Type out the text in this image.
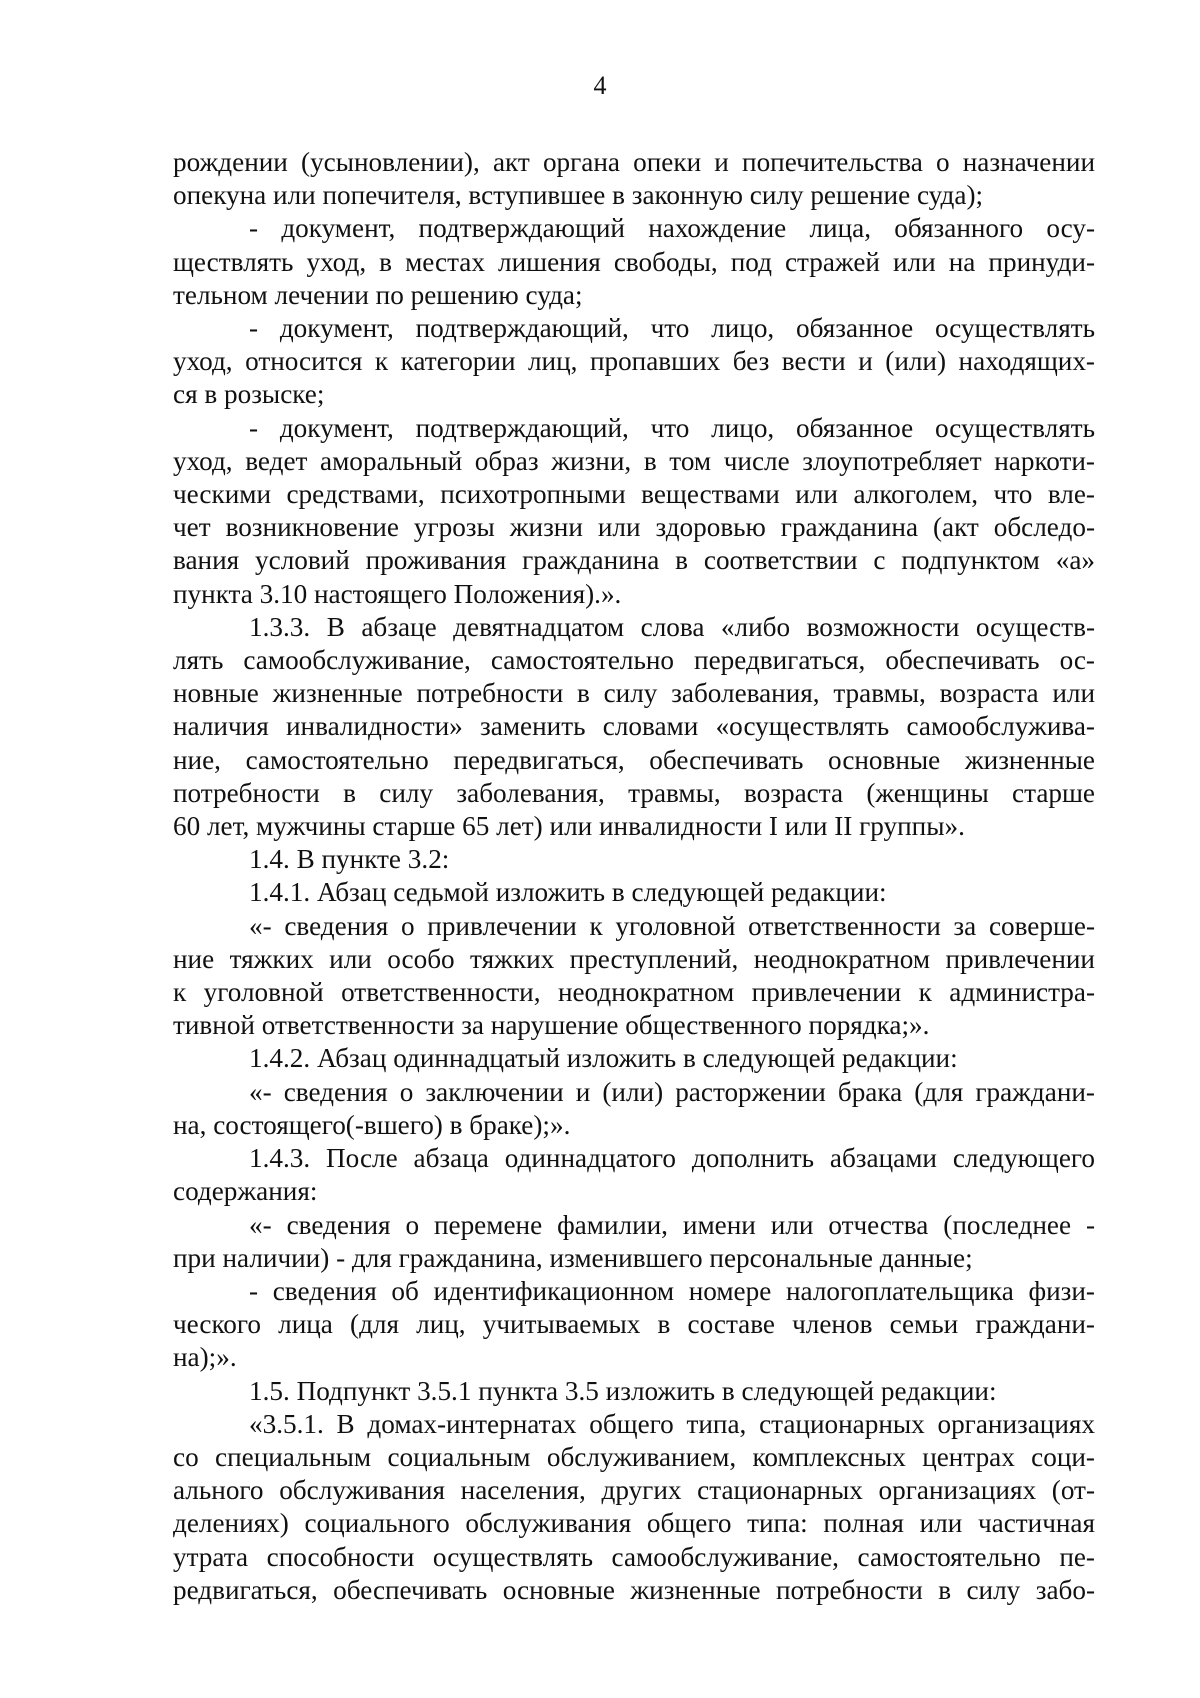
4
рождении (усыновлении), акт органа опеки и попечительства о назначении
опекуна или попечителя, вступившее в законную силу решение суда);
- документ, подтверждающий нахождение лица, обязанного осу-
ществлять уход, в местах лишения свободы, под стражей или на принуди-
тельном лечении по решению суда;
- документ, подтверждающий, что лицо, обязанное осуществлять
уход, относится к категории лиц, пропавших без вести и (или) находящих-
ся в розыске;
- документ, подтверждающий, что лицо, обязанное осуществлять
уход, ведет аморальный образ жизни, в том числе злоупотребляет наркоти-
ческими средствами, психотропными веществами или алкоголем, что вле-
чет возникновение угрозы жизни или здоровью гражданина (акт обследо-
вания условий проживания гражданина в соответствии с подпунктом «а»
пункта 3.10 настоящего Положения).».
1.3.3. В абзаце девятнадцатом слова «либо возможности осуществ-
лять самообслуживание, самостоятельно передвигаться, обеспечивать ос-
новные жизненные потребности в силу заболевания, травмы, возраста или
наличия инвалидности» заменить словами «осуществлять самообслужива-
ние, самостоятельно передвигаться, обеспечивать основные жизненные
потребности в силу заболевания, травмы, возраста (женщины старше
60 лет, мужчины старше 65 лет) или инвалидности I или II группы».
1.4. В пункте 3.2:
1.4.1. Абзац седьмой изложить в следующей редакции:
«- сведения о привлечении к уголовной ответственности за соверше-
ние тяжких или особо тяжких преступлений, неоднократном привлечении
к уголовной ответственности, неоднократном привлечении к администра-
тивной ответственности за нарушение общественного порядка;».
1.4.2. Абзац одиннадцатый изложить в следующей редакции:
«- сведения о заключении и (или) расторжении брака (для граждани-
на, состоящего(-вшего) в браке);».
1.4.3. После абзаца одиннадцатого дополнить абзацами следующего
содержания:
«- сведения о перемене фамилии, имени или отчества (последнее -
при наличии) - для гражданина, изменившего персональные данные;
- сведения об идентификационном номере налогоплательщика физи-
ческого лица (для лиц, учитываемых в составе членов семьи граждани-
на);».
1.5. Подпункт 3.5.1 пункта 3.5 изложить в следующей редакции:
«3.5.1. В домах-интернатах общего типа, стационарных организациях
со специальным социальным обслуживанием, комплексных центрах соци-
ального обслуживания населения, других стационарных организациях (от-
делениях) социального обслуживания общего типа: полная или частичная
утрата способности осуществлять самообслуживание, самостоятельно пе-
редвигаться, обеспечивать основные жизненные потребности в силу забо-
